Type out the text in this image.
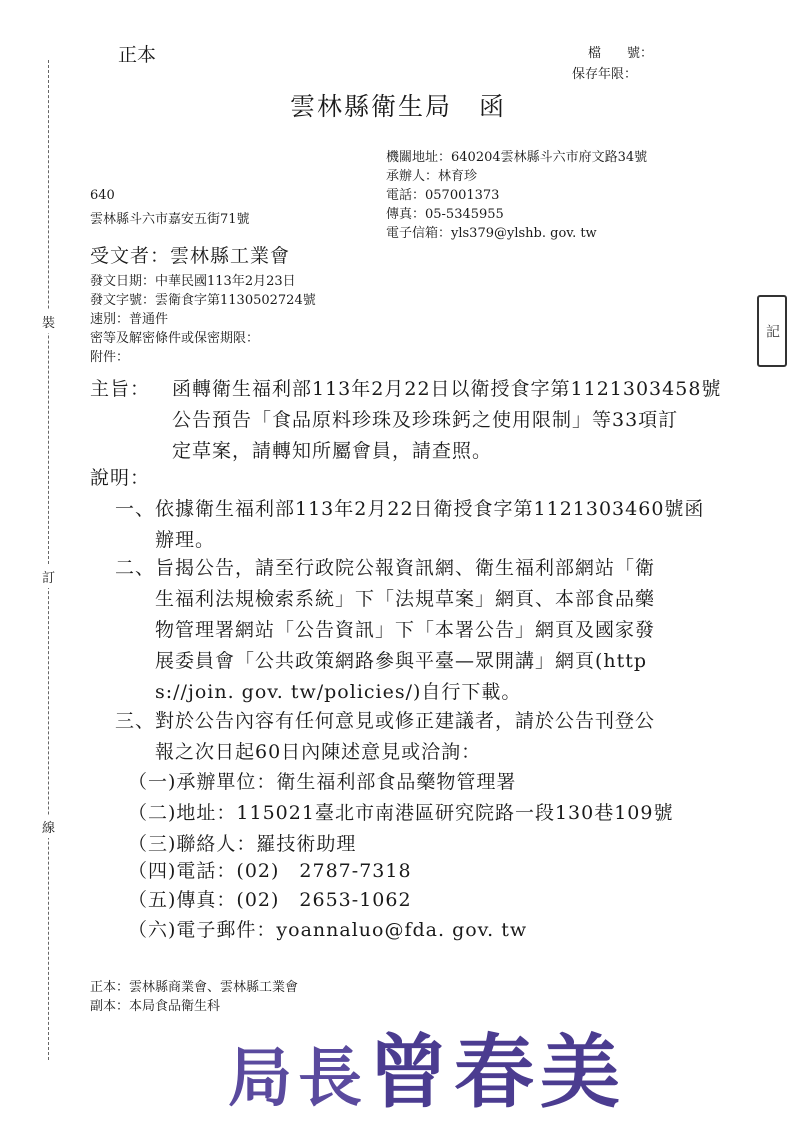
裝
訂
線
記
正本	檔　　號：
保存年限：
雲林縣衛生局　函
機關地址：640204雲林縣斗六市府文路34號
承辦人：林育珍
電話：057001373
傳真：05-5345955
電子信箱：yls379@ylshb. gov. tw
640
雲林縣斗六市嘉安五街71號
受文者：雲林縣工業會
發文日期：中華民國113年2月23日
發文字號：雲衛食字第1130502724號
速別：普通件
密等及解密條件或保密期限：
附件：
主旨： 函轉衛生福利部113年2月22日以衛授食字第1121303458號
公告預告「食品原料珍珠及珍珠鈣之使用限制」等33項訂
定草案，請轉知所屬會員，請查照。
說明：
一、依據衛生福利部113年2月22日衛授食字第1121303460號函
辦理。
二、旨揭公告，請至行政院公報資訊網、衛生福利部網站「衛
生福利法規檢索系統」下「法規草案」網頁、本部食品藥
物管理署網站「公告資訊」下「本署公告」網頁及國家發
展委員會「公共政策網路參與平臺—眾開講」網頁(http
s://join. gov. tw/policies/)自行下載。
三、對於公告內容有任何意見或修正建議者，請於公告刊登公
報之次日起60日內陳述意見或洽詢：
（一)承辦單位：衛生福利部食品藥物管理署
（二)地址：115021臺北市南港區研究院路一段130巷109號
（三)聯絡人：羅技術助理
（四)電話：(02)　2787-7318
（五)傳真：(02)　2653-1062
（六)電子郵件：yoannaluo@fda. gov. tw
正本：雲林縣商業會、雲林縣工業會
副本：本局食品衛生科
局長曾春美
